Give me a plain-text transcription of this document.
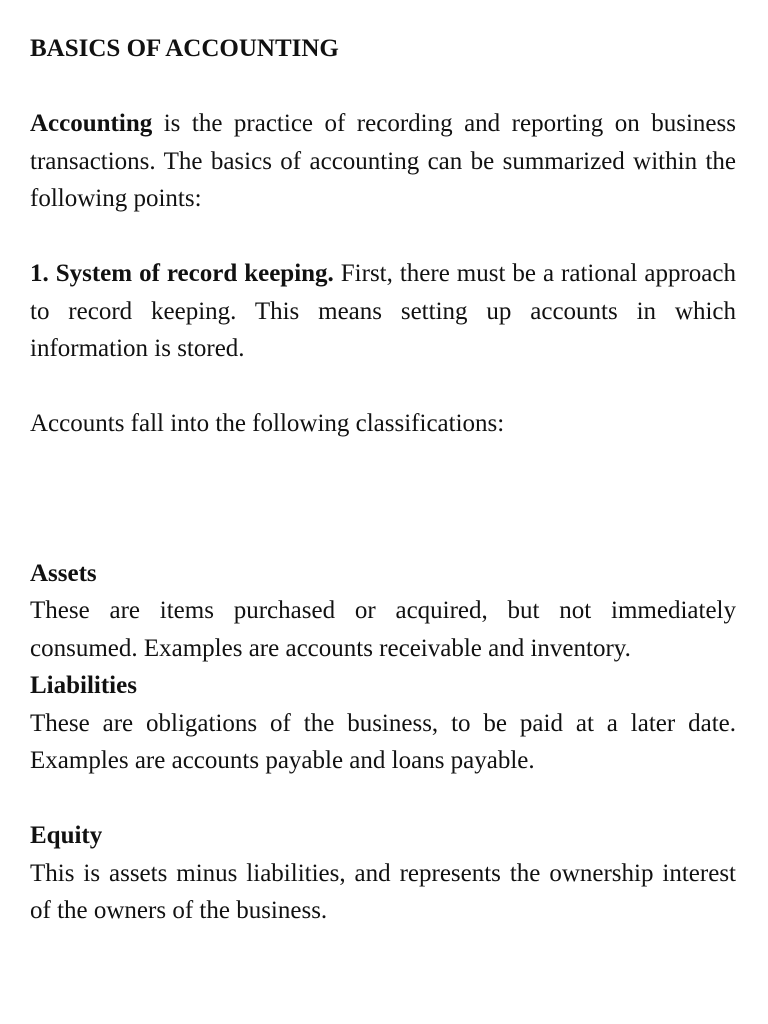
BASICS OF ACCOUNTING

Accounting is the practice of recording and reporting on business transactions. The basics of accounting can be summarized within the following points:

1. System of record keeping. First, there must be a rational approach to record keeping. This means setting up accounts in which information is stored.

Accounts fall into the following classifications:

Assets

These are items purchased or acquired, but not immediately consumed. Examples are accounts receivable and inventory.

Liabilities

These are obligations of the business, to be paid at a later date. Examples are accounts payable and loans payable.

Equity

This is assets minus liabilities, and represents the ownership interest of the owners of the business.
